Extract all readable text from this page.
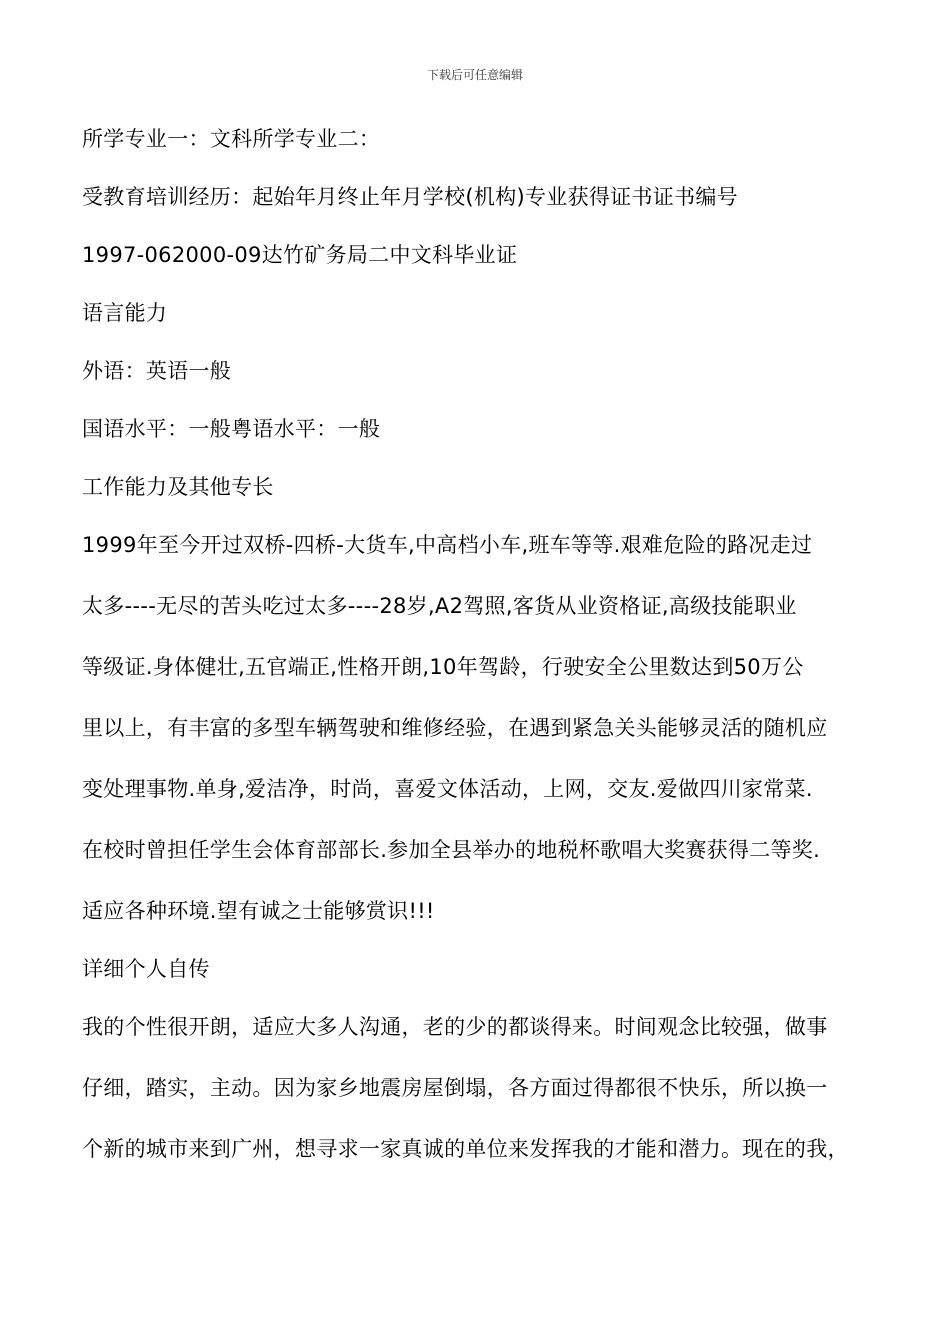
下载后可任意编辑

所学专业一：文科所学专业二：

受教育培训经历：起始年月终止年月学校(机构)专业获得证书证书编号

1997-062000-09达竹矿务局二中文科毕业证

语言能力

外语：英语一般

国语水平：一般粤语水平：一般

工作能力及其他专长

1999年至今开过双桥-四桥-大货车,中高档小车,班车等等.艰难危险的路况走过

太多----无尽的苦头吃过太多----28岁,A2驾照,客货从业资格证,高级技能职业

等级证.身体健壮,五官端正,性格开朗,10年驾龄，行驶安全公里数达到50万公

里以上，有丰富的多型车辆驾驶和维修经验，在遇到紧急关头能够灵活的随机应

变处理事物.单身,爱洁净，时尚，喜爱文体活动，上网，交友.爱做四川家常菜.

在校时曾担任学生会体育部部长.参加全县举办的地税杯歌唱大奖赛获得二等奖.

适应各种环境.望有诚之士能够赏识!!!

详细个人自传

我的个性很开朗，适应大多人沟通，老的少的都谈得来。时间观念比较强，做事

仔细，踏实，主动。因为家乡地震房屋倒塌，各方面过得都很不快乐，所以换一

个新的城市来到广州，想寻求一家真诚的单位来发挥我的才能和潜力。现在的我，
